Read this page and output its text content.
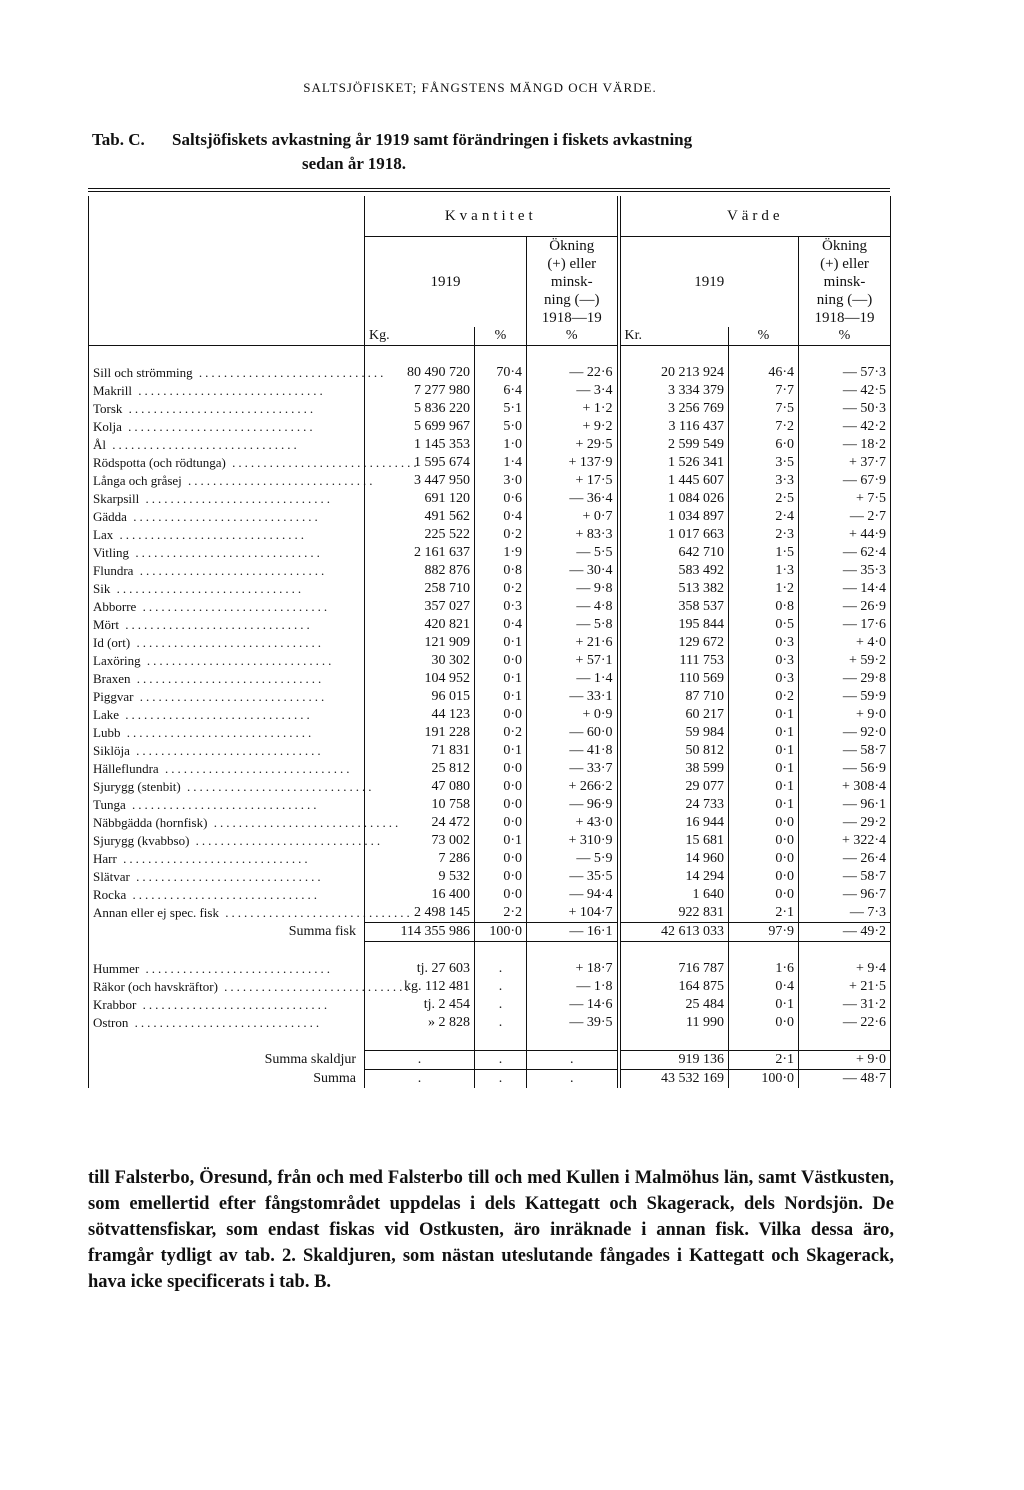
SALTSJÖFISKET; FÅNGSTENS MÄNGD OCH VÄRDE.
Tab. C. Saltsjöfiskets avkastning år 1919 samt förändringen i fiskets avkastning
sedan år 1918.
	Kvantitet			Värde		
	1919		Ökning
(+) eller
minsk-
ning (—)
1918—19	1919		Ökning
(+) eller
minsk-
ning (—)
1918—19
	Kg.	%	%	Kr.	%	%

Sill och strömming ..............................	80 490 720	70·4	— 22·6	20 213 924	46·4	— 57·3
Makrill ..............................	7 277 980	6·4	— 3·4	3 334 379	7·7	— 42·5
Torsk ..............................	5 836 220	5·1	+ 1·2	3 256 769	7·5	— 50·3
Kolja ..............................	5 699 967	5·0	+ 9·2	3 116 437	7·2	— 42·2
Ål ..............................	1 145 353	1·0	+ 29·5	2 599 549	6·0	— 18·2
Rödspotta (och rödtunga) ..............................	1 595 674	1·4	+ 137·9	1 526 341	3·5	+ 37·7
Långa och gråsej ..............................	3 447 950	3·0	+ 17·5	1 445 607	3·3	— 67·9
Skarpsill ..............................	691 120	0·6	— 36·4	1 084 026	2·5	+ 7·5
Gädda ..............................	491 562	0·4	+ 0·7	1 034 897	2·4	— 2·7
Lax ..............................	225 522	0·2	+ 83·3	1 017 663	2·3	+ 44·9
Vitling ..............................	2 161 637	1·9	— 5·5	642 710	1·5	— 62·4
Flundra ..............................	882 876	0·8	— 30·4	583 492	1·3	— 35·3
Sik ..............................	258 710	0·2	— 9·8	513 382	1·2	— 14·4
Abborre ..............................	357 027	0·3	— 4·8	358 537	0·8	— 26·9
Mört ..............................	420 821	0·4	— 5·8	195 844	0·5	— 17·6
Id (ort) ..............................	121 909	0·1	+ 21·6	129 672	0·3	+ 4·0
Laxöring ..............................	30 302	0·0	+ 57·1	111 753	0·3	+ 59·2
Braxen ..............................	104 952	0·1	— 1·4	110 569	0·3	— 29·8
Piggvar ..............................	96 015	0·1	— 33·1	87 710	0·2	— 59·9
Lake ..............................	44 123	0·0	+ 0·9	60 217	0·1	+ 9·0
Lubb ..............................	191 228	0·2	— 60·0	59 984	0·1	— 92·0
Siklöja ..............................	71 831	0·1	— 41·8	50 812	0·1	— 58·7
Hälleflundra ..............................	25 812	0·0	— 33·7	38 599	0·1	— 56·9
Sjurygg (stenbit) ..............................	47 080	0·0	+ 266·2	29 077	0·1	+ 308·4
Tunga ..............................	10 758	0·0	— 96·9	24 733	0·1	— 96·1
Näbbgädda (hornfisk) ..............................	24 472	0·0	+ 43·0	16 944	0·0	— 29·2
Sjurygg (kvabbso) ..............................	73 002	0·1	+ 310·9	15 681	0·0	+ 322·4
Harr ..............................	7 286	0·0	— 5·9	14 960	0·0	— 26·4
Slätvar ..............................	9 532	0·0	— 35·5	14 294	0·0	— 58·7
Rocka ..............................	16 400	0·0	— 94·4	1 640	0·0	— 96·7
Annan eller ej spec. fisk ..............................	2 498 145	2·2	+ 104·7	922 831	2·1	— 7·3
Summa fisk	114 355 986	100·0	— 16·1	42 613 033	97·9	— 49·2

Hummer ..............................	tj. 27 603	.	+ 18·7	716 787	1·6	+ 9·4
Räkor (och havskräftor) ..............................	kg. 112 481	.	— 1·8	164 875	0·4	+ 21·5
Krabbor ..............................	tj. 2 454	.	— 14·6	25 484	0·1	— 31·2
Ostron ..............................	» 2 828	.	— 39·5	11 990	0·0	— 22·6

Summa skaldjur	.	.	.	919 136	2·1	+ 9·0
Summa	.	.	.	43 532 169	100·0	— 48·7
till Falsterbo, Öresund, från och med Falsterbo till och med Kullen i Malmöhus län, samt Västkusten, som emellertid efter fångstområdet uppdelas i dels Kattegatt och Skagerack, dels Nordsjön. De sötvattensfiskar, som endast fiskas vid Ostkusten, äro inräknade i annan fisk. Vilka dessa äro, framgår tydligt av tab. 2. Skaldjuren, som nästan uteslutande fångades i Kattegatt och Skagerack, hava icke specificerats i tab. B.
